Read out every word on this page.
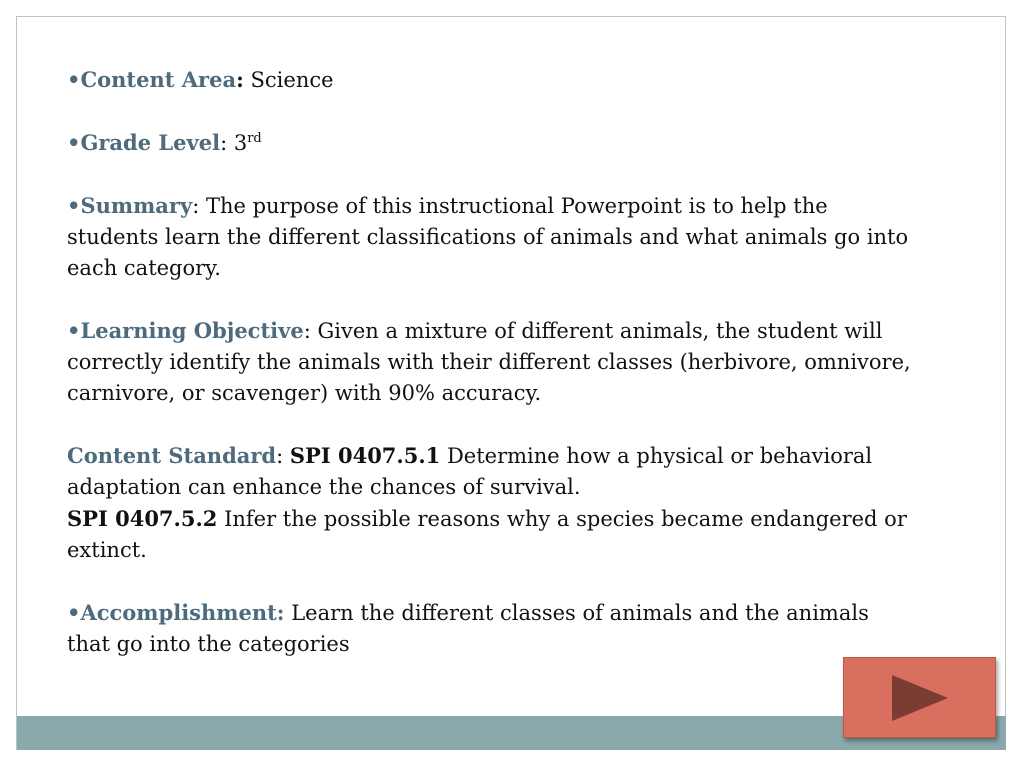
•Content Area: Science

•Grade Level: 3rd

•Summary: The purpose of this instructional Powerpoint is to help the students learn the different classifications of animals and what animals go into each category.

•Learning Objective: Given a mixture of different animals, the student will correctly identify the animals with their different classes (herbivore, omnivore, carnivore, or scavenger) with 90% accuracy.

Content Standard: SPI 0407.5.1 Determine how a physical or behavioral adaptation can enhance the chances of survival.

SPI 0407.5.2 Infer the possible reasons why a species became endangered or extinct.

•Accomplishment: Learn the different classes of animals and the animals that go into the categories
